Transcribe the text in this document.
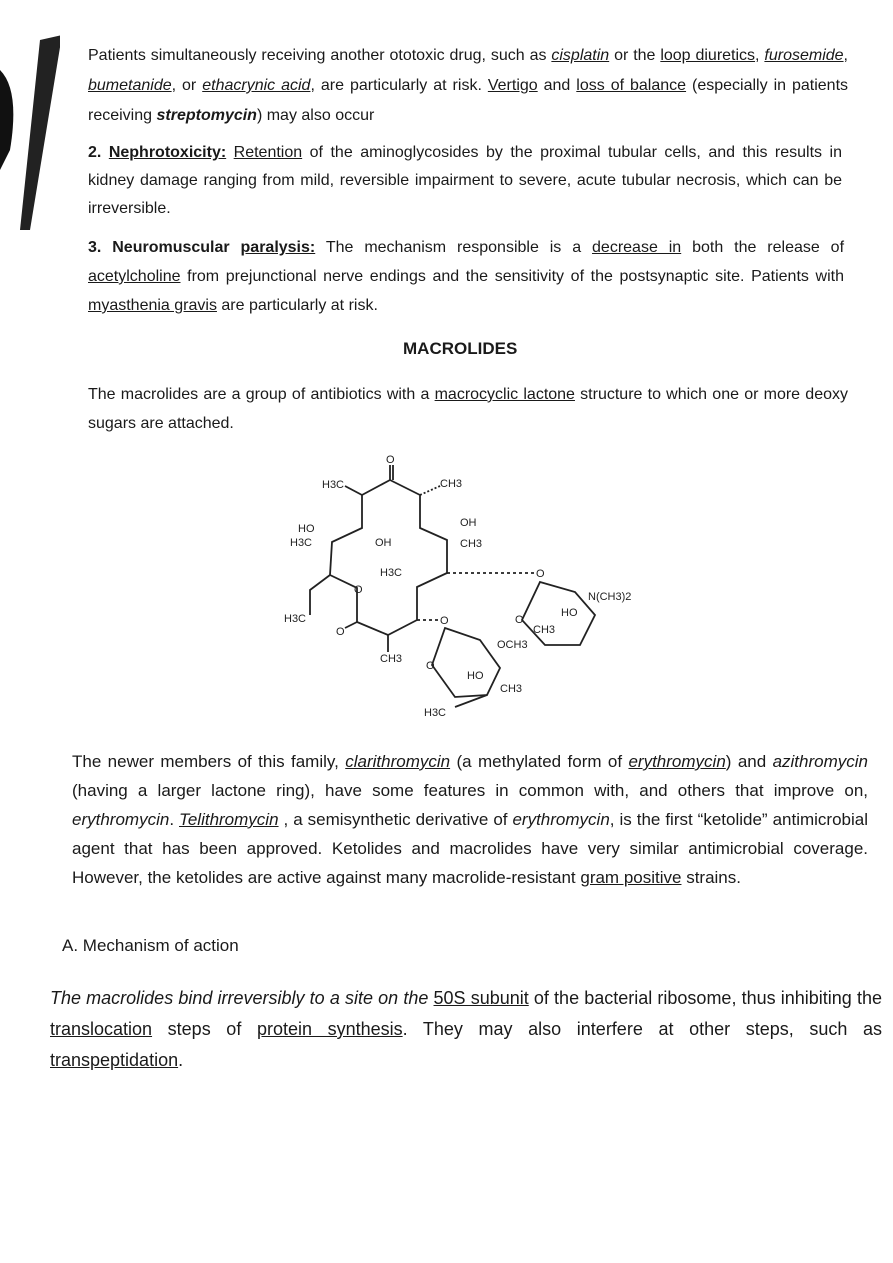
Patients simultaneously receiving another ototoxic drug, such as cisplatin or the loop diuretics, furosemide, bumetanide, or ethacrynic acid, are particularly at risk. Vertigo and loss of balance (especially in patients receiving streptomycin) may also occur
2. Nephrotoxicity: Retention of the aminoglycosides by the proximal tubular cells, and this results in kidney damage ranging from mild, reversible impairment to severe, acute tubular necrosis, which can be irreversible.
3. Neuromuscular paralysis: The mechanism responsible is a decrease in both the release of acetylcholine from prejunctional nerve endings and the sensitivity of the postsynaptic site. Patients with myasthenia gravis are particularly at risk.
MACROLIDES
The macrolides are a group of antibiotics with a macrocyclic lactone structure to which one or more deoxy sugars are attached.
O
H3C	CH3
OH
CH3
HO
H3C	OH
H3C
H3C
O
O
CH3
O
O
N(CH3)2
HO
O
CH3
OCH3
HO
O
CH3
H3C
The newer members of this family, clarithromycin (a methylated form of erythromycin) and azithromycin (having a larger lactone ring), have some features in common with, and others that improve on, erythromycin. Telithromycin , a semisynthetic derivative of erythromycin, is the first “ketolide” antimicrobial agent that has been approved. Ketolides and macrolides have very similar antimicrobial coverage. However, the ketolides are active against many macrolide-resistant gram positive strains.
A. Mechanism of action
The macrolides bind irreversibly to a site on the 50S subunit of the bacterial ribosome, thus inhibiting the translocation steps of protein synthesis. They may also interfere at other steps, such as transpeptidation.
